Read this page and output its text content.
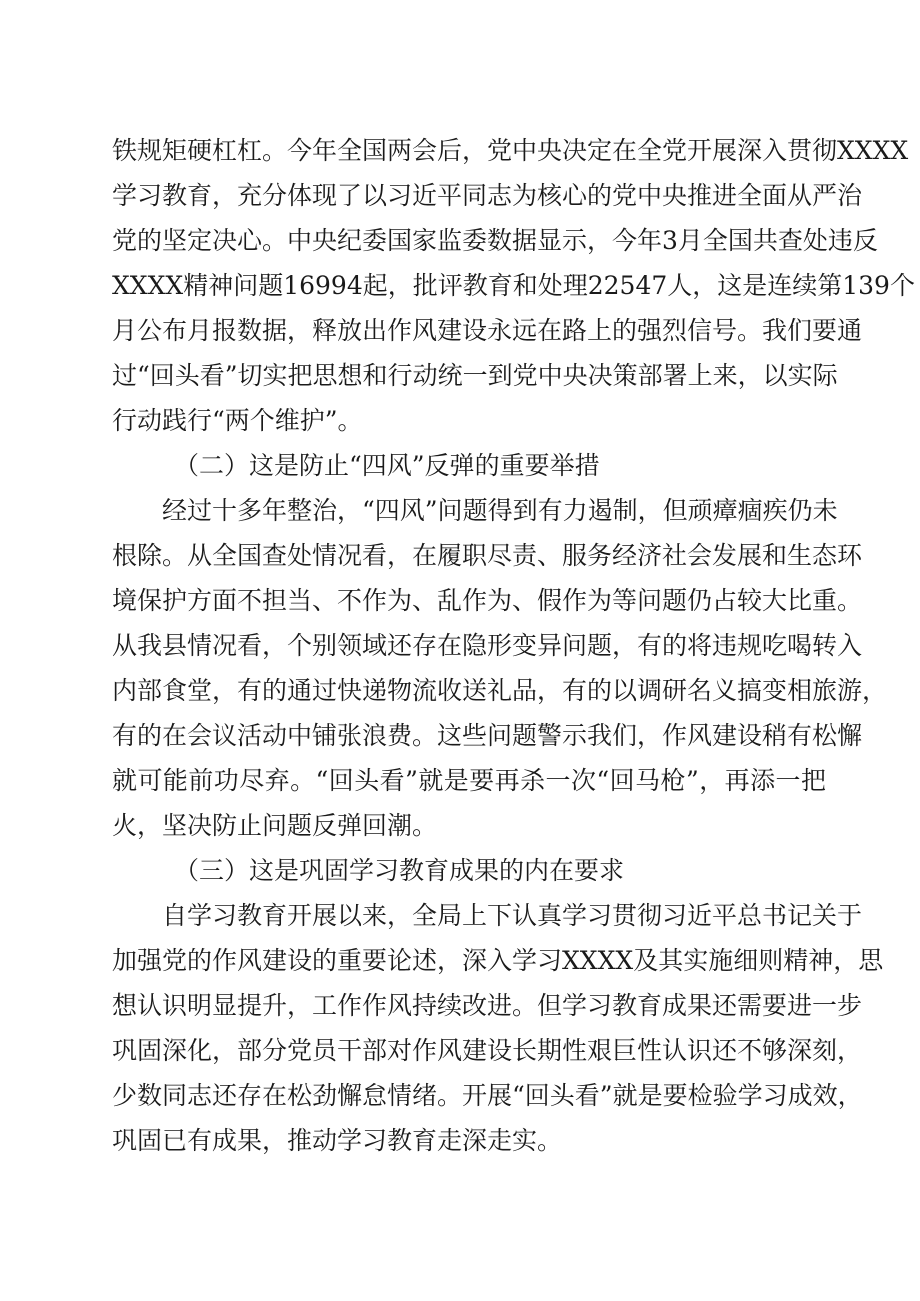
铁规矩硬杠杠。今年全国两会后，党中央决定在全党开展深入贯彻XXXX
学习教育，充分体现了以习近平同志为核心的党中央推进全面从严治
党的坚定决心。中央纪委国家监委数据显示，今年3月全国共查处违反
XXXX精神问题16994起，批评教育和处理22547人，这是连续第139个
月公布月报数据，释放出作风建设永远在路上的强烈信号。我们要通
过“回头看”切实把思想和行动统一到党中央决策部署上来，以实际
行动践行“两个维护”。
（二）这是防止“四风”反弹的重要举措
经过十多年整治，“四风”问题得到有力遏制，但顽瘴痼疾仍未
根除。从全国查处情况看，在履职尽责、服务经济社会发展和生态环
境保护方面不担当、不作为、乱作为、假作为等问题仍占较大比重。
从我县情况看，个别领域还存在隐形变异问题，有的将违规吃喝转入
内部食堂，有的通过快递物流收送礼品，有的以调研名义搞变相旅游，
有的在会议活动中铺张浪费。这些问题警示我们，作风建设稍有松懈
就可能前功尽弃。“回头看”就是要再杀一次“回马枪”，再添一把
火，坚决防止问题反弹回潮。
（三）这是巩固学习教育成果的内在要求
自学习教育开展以来，全局上下认真学习贯彻习近平总书记关于
加强党的作风建设的重要论述，深入学习XXXX及其实施细则精神，思
想认识明显提升，工作作风持续改进。但学习教育成果还需要进一步
巩固深化，部分党员干部对作风建设长期性艰巨性认识还不够深刻，
少数同志还存在松劲懈怠情绪。开展“回头看”就是要检验学习成效，
巩固已有成果，推动学习教育走深走实。
